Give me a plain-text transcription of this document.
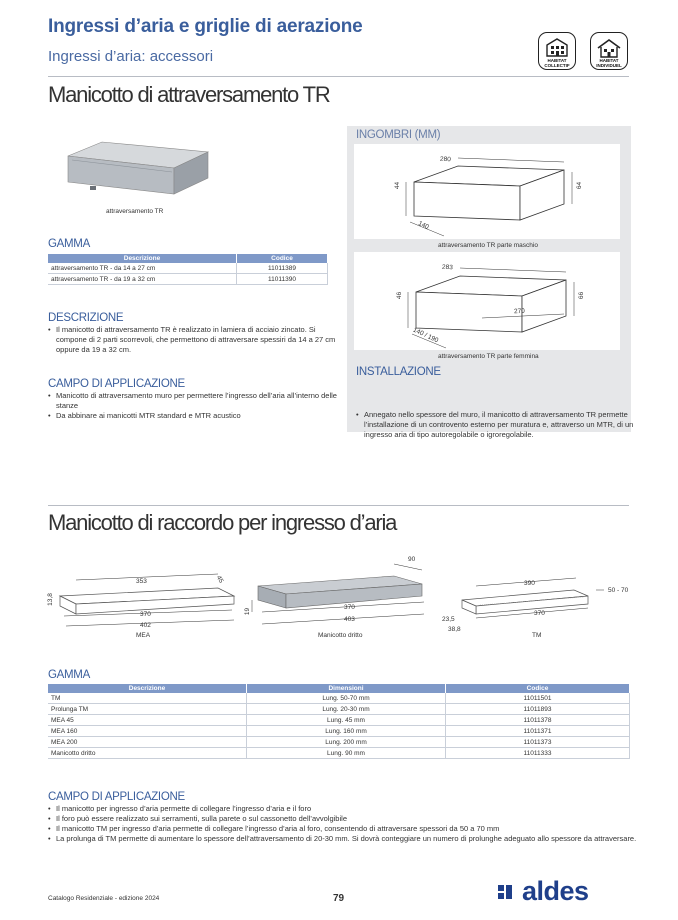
Ingressi d’aria e griglie di aerazione
Ingressi d’aria: accessori	HABITAT
COLLECTIF
HABITAT
INDIVIDUEL
Manicotto di attraversamento TR
attraversamento TR
GAMMA
Descrizione	Codice
attraversamento TR - da 14 a 27 cm	11011389
attraversamento TR - da 19 a 32 cm	11011390
DESCRIZIONE
• Il manicotto di attraversamento TR è realizzato in lamiera di acciaio zincato. Si compone di 2 parti scorrevoli, che permettono di attraversare spessiri da 14 a 27 cm oppure da 19 a 32 cm.
CAMPO DI APPLICAZIONE
• Manicotto di attraversamento muro per permettere l’ingresso dell’aria all’interno delle stanze
• Da abbinare ai manicotti MTR standard e MTR acustico
INGOMBRI (MM)
280
44	64
140
attraversamento TR parte maschio
283
46	66
270
140 / 190
attraversamento TR parte femmina
INSTALLAZIONE
• Annegato nello spessore del muro, il manicotto di attraversamento TR permette l’installazione di un controvento esterno per muratura e, attraverso un MTR, di un ingresso aria di tipo autoregolabile o igroregolabile.
Manicotto di raccordo per ingresso d’aria
353	45
13,8
370
402
MEA
90
19
370
403
Manicotto dritto
390
50 - 70
370
23,5
38,8
TM
GAMMA
Descrizione	Dimensioni	Codice
TM	Lung. 50-70 mm	11011501
Prolunga TM	Lung. 20-30 mm	11011893
MEA 45	Lung. 45 mm	11011378
MEA 160	Lung. 160 mm	11011371
MEA 200	Lung. 200 mm	11011373
Manicotto dritto	Lung. 90 mm	11011333
CAMPO DI APPLICAZIONE
• Il manicotto per ingresso d’aria permette di collegare l’ingresso d’aria e il foro
• Il foro può essere realizzato sui serramenti, sulla parete o sul cassonetto dell’avvolgibile
• Il manicotto TM per ingresso d’aria permette di collegare l’ingresso d’aria al foro, consentendo di attraversare spessori da 50 a 70 mm
• La prolunga di TM permette di aumentare lo spessore dell’attraversamento di 20-30 mm. Si dovrà conteggiare un numero di prolunghe adeguato allo spessore da attraversare.
Catalogo Residenziale - edizione 2024	79	aldes
